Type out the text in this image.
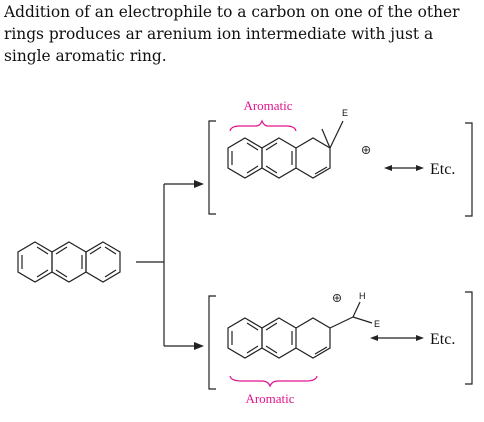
Addition of an electrophile to a carbon on one of the other rings produces ar arenium ion intermediate with just a single aromatic ring.

Aromatic	E
Etc.
H
E
Etc.
Aromatic
